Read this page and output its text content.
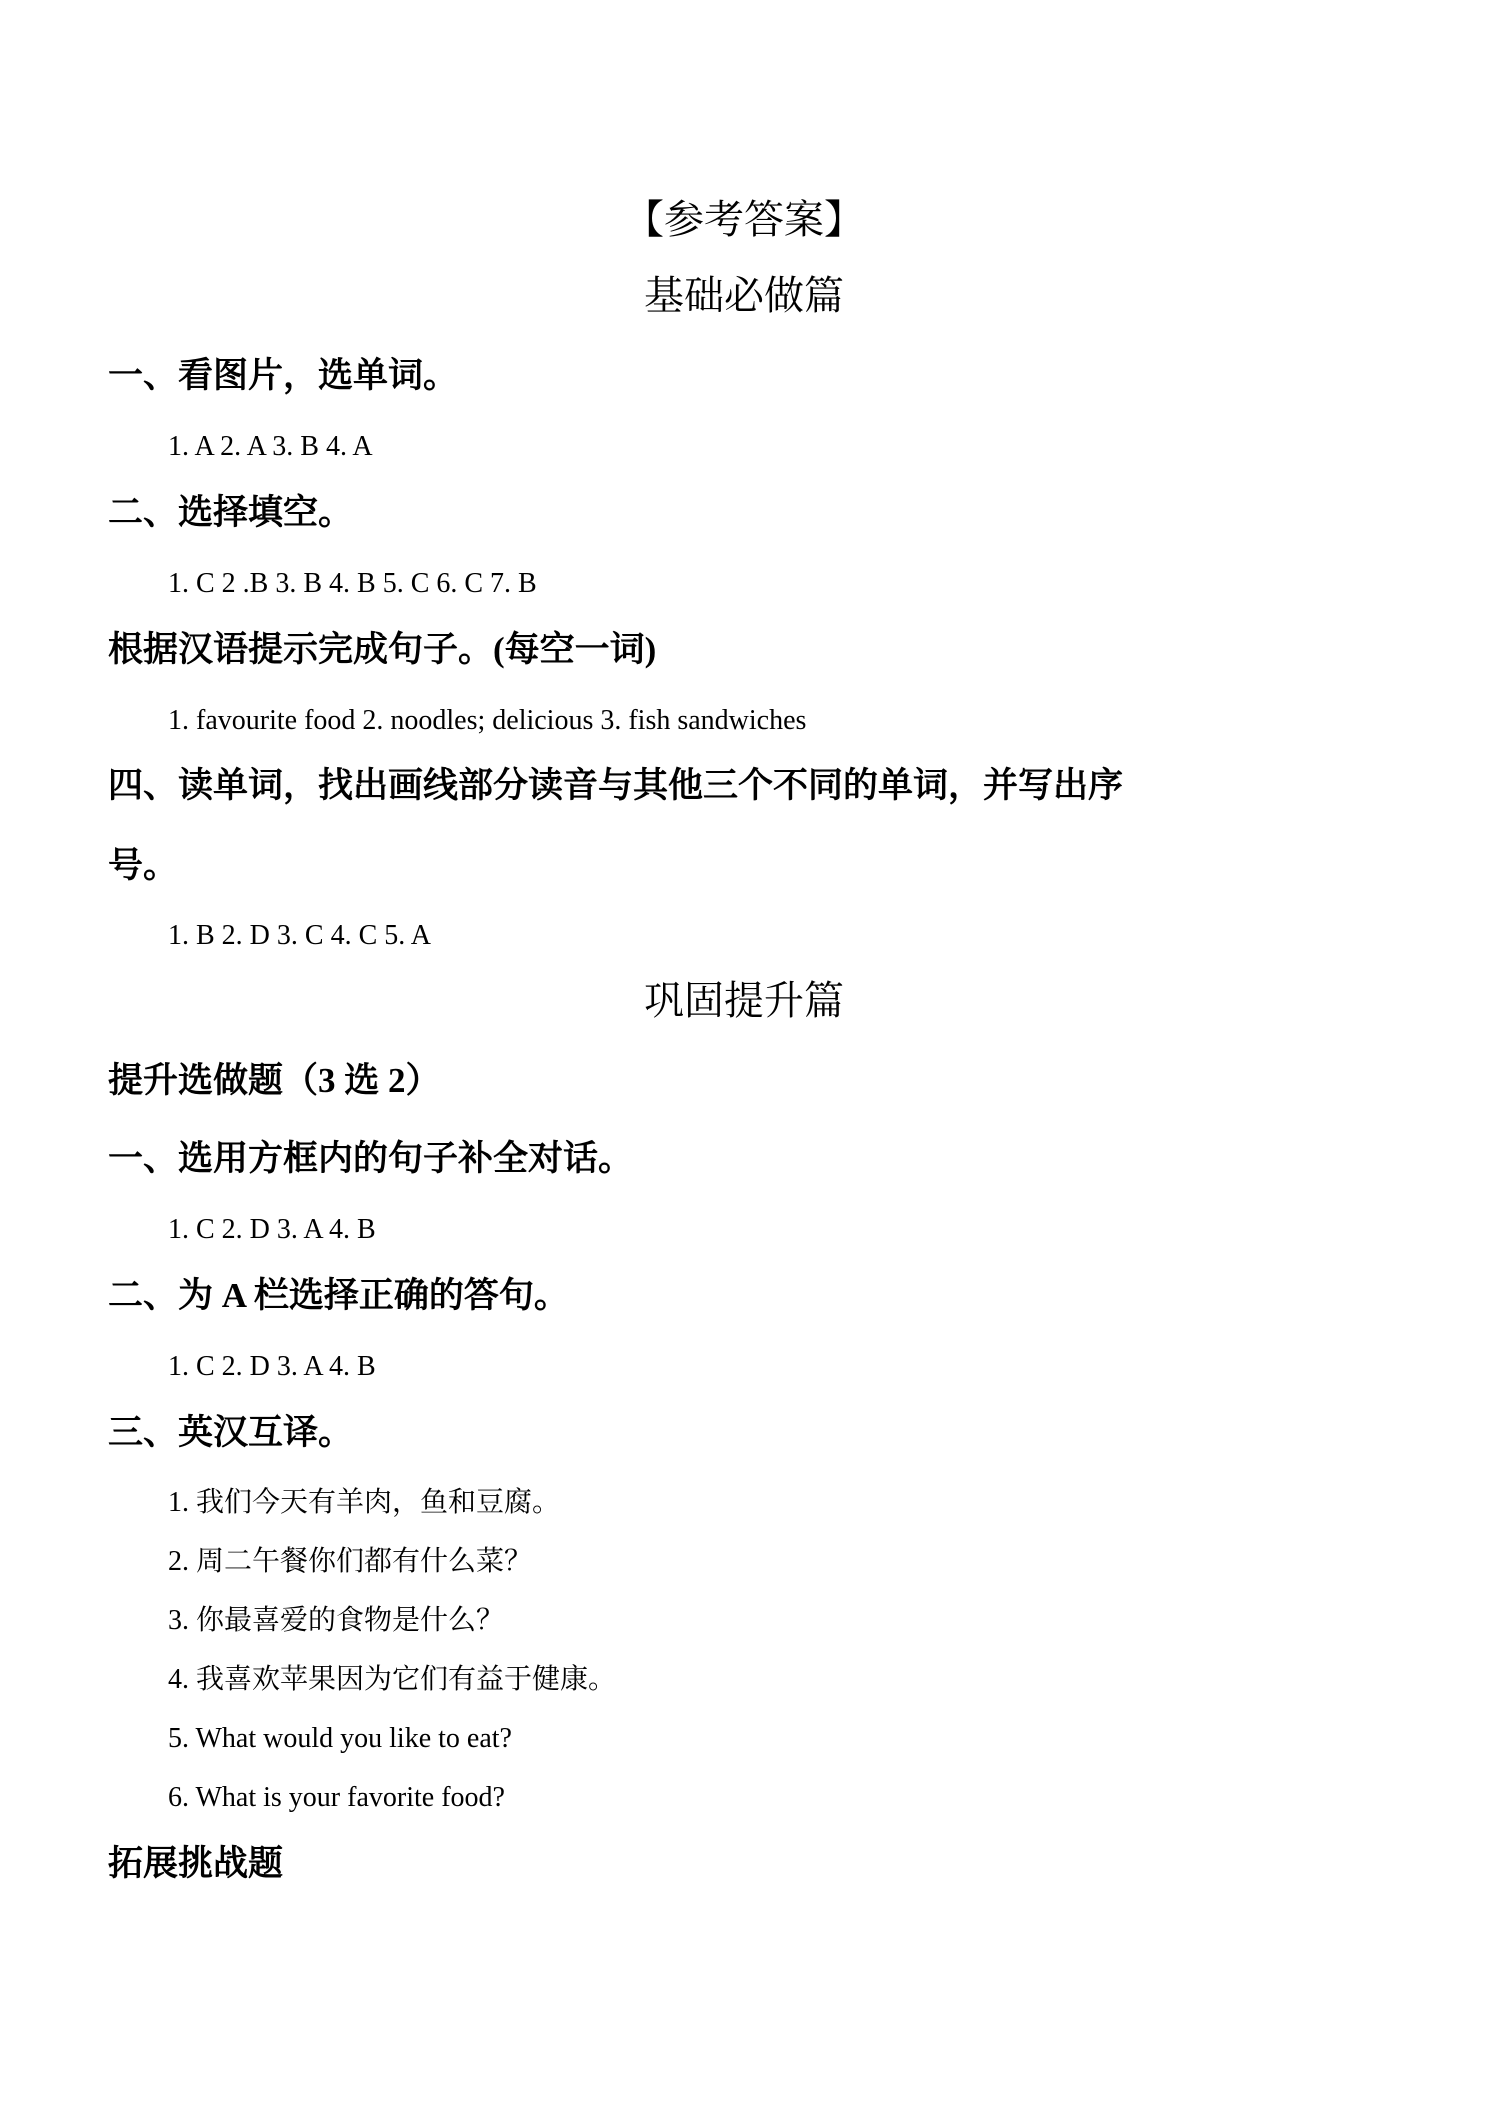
【参考答案】
基础必做篇
一、看图片，选单词。
1. A 2. A 3. B 4. A
二、选择填空。
1. C 2 .B 3. B 4. B 5. C 6. C 7. B
根据汉语提示完成句子。(每空一词)
1. favourite food 2. noodles; delicious 3. fish sandwiches
四、读单词，找出画线部分读音与其他三个不同的单词，并写出序号。
1. B 2. D 3. C 4. C 5. A
巩固提升篇
提升选做题（3 选 2）
一、选用方框内的句子补全对话。
1. C 2. D 3. A 4. B
二、为 A 栏选择正确的答句。
1. C 2. D 3. A 4. B
三、英汉互译。
1. 我们今天有羊肉，鱼和豆腐。
2. 周二午餐你们都有什么菜？
3. 你最喜爱的食物是什么？
4. 我喜欢苹果因为它们有益于健康。
5. What would you like to eat?
6. What is your favorite food?
拓展挑战题
